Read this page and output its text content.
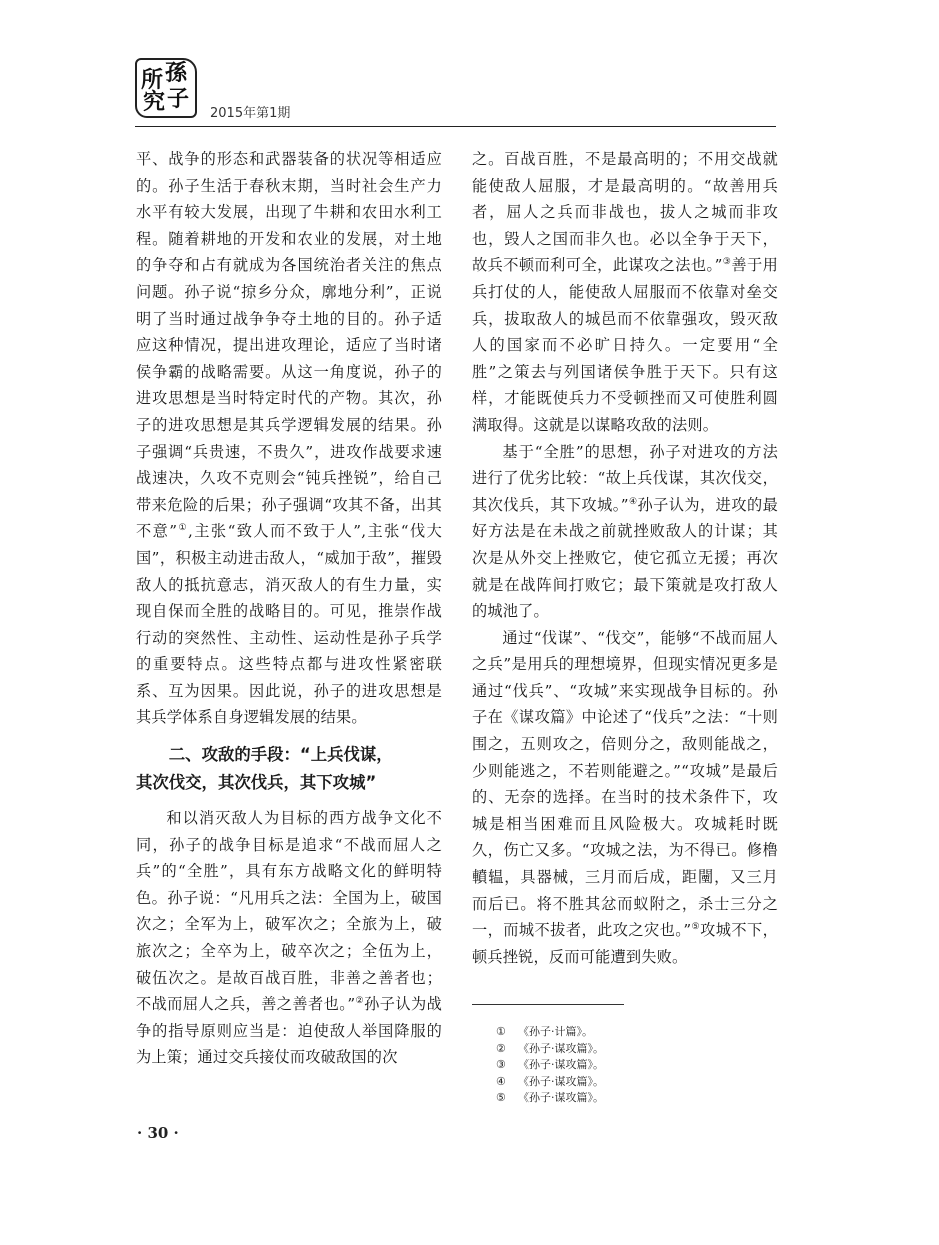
所 孫
究 子
2015年第1期

平、战争的形态和武器装备的状况等相适应的。孙子生活于春秋末期，当时社会生产力水平有较大发展，出现了牛耕和农田水利工程。随着耕地的开发和农业的发展，对土地的争夺和占有就成为各国统治者关注的焦点问题。孙子说“掠乡分众，廓地分利”，正说明了当时通过战争争夺土地的目的。孙子适应这种情况，提出进攻理论，适应了当时诸侯争霸的战略需要。从这一角度说，孙子的进攻思想是当时特定时代的产物。其次，孙子的进攻思想是其兵学逻辑发展的结果。孙子强调“兵贵速，不贵久”，进攻作战要求速战速决，久攻不克则会“钝兵挫锐”，给自己带来危险的后果；孙子强调“攻其不备，出其不意”①,主张“致人而不致于人”,主张“伐大国”，积极主动进击敌人，“威加于敌”，摧毁敌人的抵抗意志，消灭敌人的有生力量，实现自保而全胜的战略目的。可见，推崇作战行动的突然性、主动性、运动性是孙子兵学的重要特点。这些特点都与进攻性紧密联系、互为因果。因此说，孙子的进攻思想是其兵学体系自身逻辑发展的结果。

二、攻敌的手段：“上兵伐谋，
其次伐交，其次伐兵，其下攻城”

和以消灭敌人为目标的西方战争文化不同，孙子的战争目标是追求“不战而屈人之兵”的“全胜”，具有东方战略文化的鲜明特色。孙子说：“凡用兵之法：全国为上，破国次之；全军为上，破军次之；全旅为上，破旅次之；全卒为上，破卒次之；全伍为上，破伍次之。是故百战百胜，非善之善者也；不战而屈人之兵，善之善者也。”②孙子认为战争的指导原则应当是：迫使敌人举国降服的为上策；通过交兵接仗而攻破敌国的次

之。百战百胜，不是最高明的；不用交战就能使敌人屈服，才是最高明的。“故善用兵者，屈人之兵而非战也，拔人之城而非攻也，毁人之国而非久也。必以全争于天下，故兵不顿而利可全，此谋攻之法也。”③善于用兵打仗的人，能使敌人屈服而不依靠对垒交兵，拔取敌人的城邑而不依靠强攻，毁灭敌人的国家而不必旷日持久。一定要用“全胜”之策去与列国诸侯争胜于天下。只有这样，才能既使兵力不受顿挫而又可使胜利圆满取得。这就是以谋略攻敌的法则。

基于“全胜”的思想，孙子对进攻的方法进行了优劣比较：“故上兵伐谋，其次伐交，其次伐兵，其下攻城。”④孙子认为，进攻的最好方法是在未战之前就挫败敌人的计谋；其次是从外交上挫败它，使它孤立无援；再次就是在战阵间打败它；最下策就是攻打敌人的城池了。

通过“伐谋”、“伐交”，能够“不战而屈人之兵”是用兵的理想境界，但现实情况更多是通过“伐兵”、“攻城”来实现战争目标的。孙子在《谋攻篇》中论述了“伐兵”之法：“十则围之，五则攻之，倍则分之，敌则能战之，少则能逃之，不若则能避之。”“攻城”是最后的、无奈的选择。在当时的技术条件下，攻城是相当困难而且风险极大。攻城耗时既久，伤亡又多。“攻城之法，为不得已。修橹轒辒，具器械，三月而后成，距闉，又三月而后已。将不胜其忿而蚁附之，杀士三分之一，而城不拔者，此攻之灾也。”⑤攻城不下，顿兵挫锐，反而可能遭到失败。

① 《孙子·计篇》。
② 《孙子·谋攻篇》。
③ 《孙子·谋攻篇》。
④ 《孙子·谋攻篇》。
⑤ 《孙子·谋攻篇》。
· 30 ·
